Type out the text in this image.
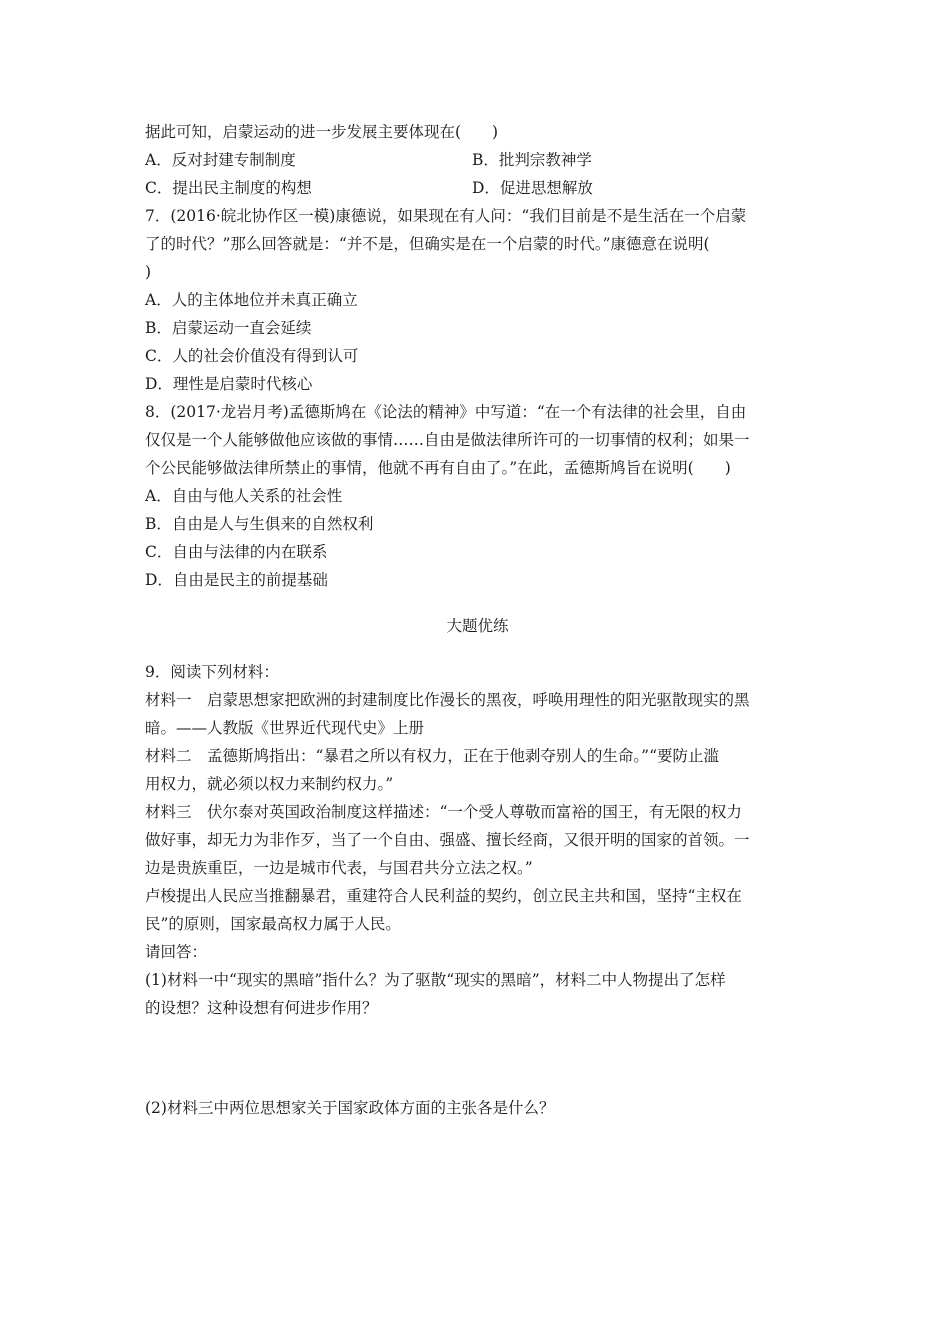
据此可知，启蒙运动的进一步发展主要体现在(　　)
A．反对封建专制制度	B．批判宗教神学
C．提出民主制度的构想	D．促进思想解放
7．(2016·皖北协作区一模)康德说，如果现在有人问：“我们目前是不是生活在一个启蒙
了的时代？”那么回答就是：“并不是，但确实是在一个启蒙的时代。”康德意在说明(
)
A．人的主体地位并未真正确立
B．启蒙运动一直会延续
C．人的社会价值没有得到认可
D．理性是启蒙时代核心
8．(2017·龙岩月考)孟德斯鸠在《论法的精神》中写道：“在一个有法律的社会里，自由
仅仅是一个人能够做他应该做的事情……自由是做法律所许可的一切事情的权利；如果一
个公民能够做法律所禁止的事情，他就不再有自由了。”在此，孟德斯鸠旨在说明(　　)
A．自由与他人关系的社会性
B．自由是人与生俱来的自然权利
C．自由与法律的内在联系
D．自由是民主的前提基础
大题优练
9．阅读下列材料：
材料一　启蒙思想家把欧洲的封建制度比作漫长的黑夜，呼唤用理性的阳光驱散现实的黑
暗。——人教版《世界近代现代史》上册
材料二　孟德斯鸠指出：“暴君之所以有权力，正在于他剥夺别人的生命。”“要防止滥
用权力，就必须以权力来制约权力。”
材料三　伏尔泰对英国政治制度这样描述：“一个受人尊敬而富裕的国王，有无限的权力
做好事，却无力为非作歹，当了一个自由、强盛、擅长经商，又很开明的国家的首领。一
边是贵族重臣，一边是城市代表，与国君共分立法之权。”
卢梭提出人民应当推翻暴君，重建符合人民利益的契约，创立民主共和国，坚持“主权在
民”的原则，国家最高权力属于人民。
请回答：
(1)材料一中“现实的黑暗”指什么？为了驱散“现实的黑暗”，材料二中人物提出了怎样
的设想？这种设想有何进步作用？
(2)材料三中两位思想家关于国家政体方面的主张各是什么？
